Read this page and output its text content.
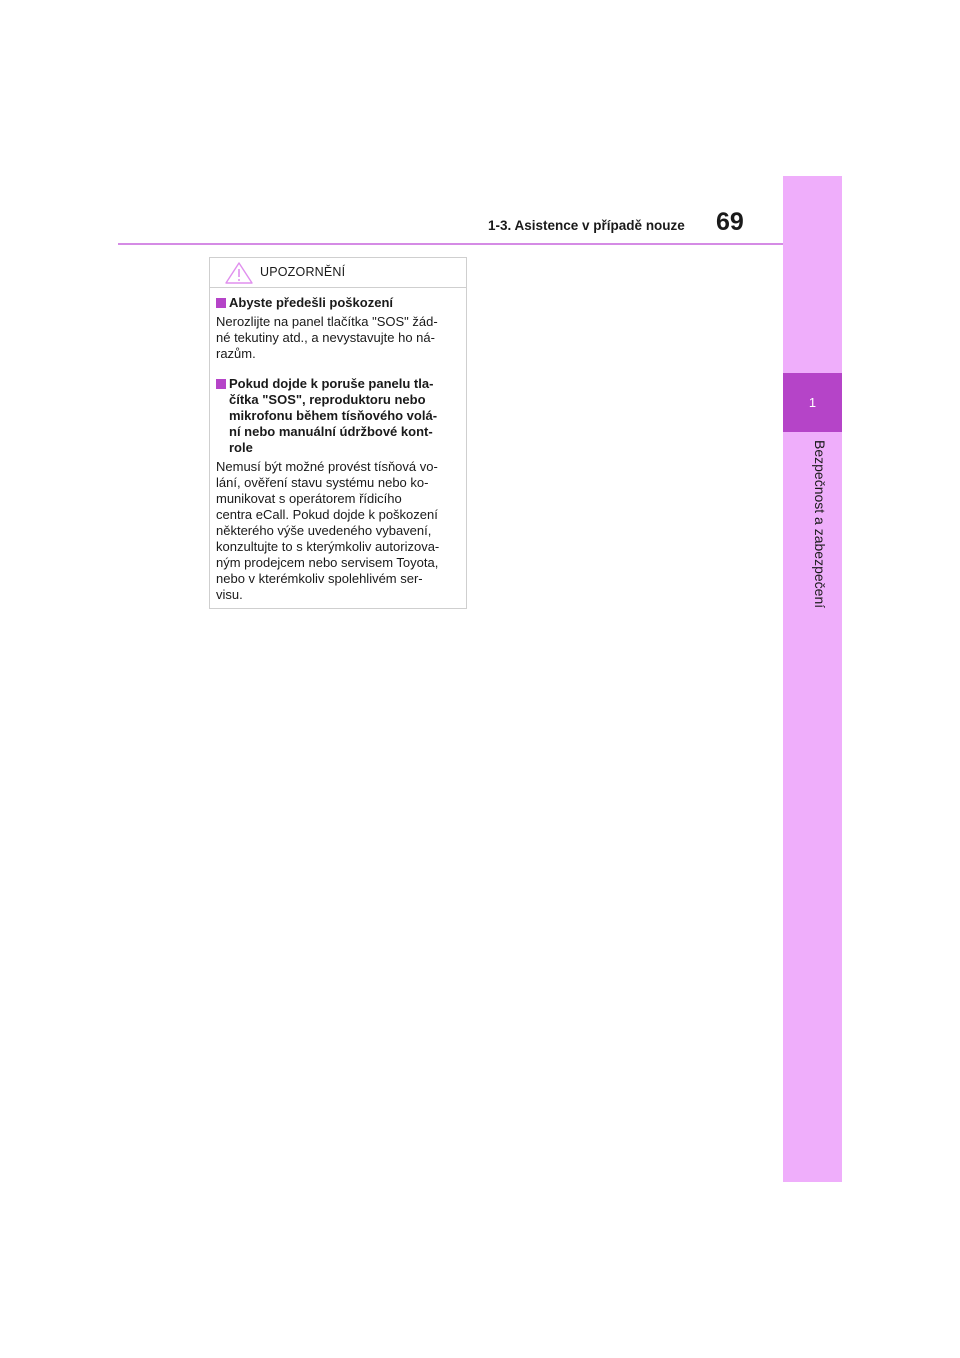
1
Bezpečnost a zabezpečení
1-3. Asistence v případě nouze 69
UPOZORNĚNÍ
Abyste předešli poškození
Nerozlijte na panel tlačítka "SOS" žád-
né tekutiny atd., a nevystavujte ho ná-
razům.
Pokud dojde k poruše panelu tla-
čítka "SOS", reproduktoru nebo
mikrofonu během tísňového volá-
ní nebo manuální údržbové kont-
role
Nemusí být možné provést tísňová vo-
lání, ověření stavu systému nebo ko-
munikovat s operátorem řídicího
centra eCall. Pokud dojde k poškození
některého výše uvedeného vybavení,
konzultujte to s kterýmkoliv autorizova-
ným prodejcem nebo servisem Toyota,
nebo v kterémkoliv spolehlivém ser-
visu.
